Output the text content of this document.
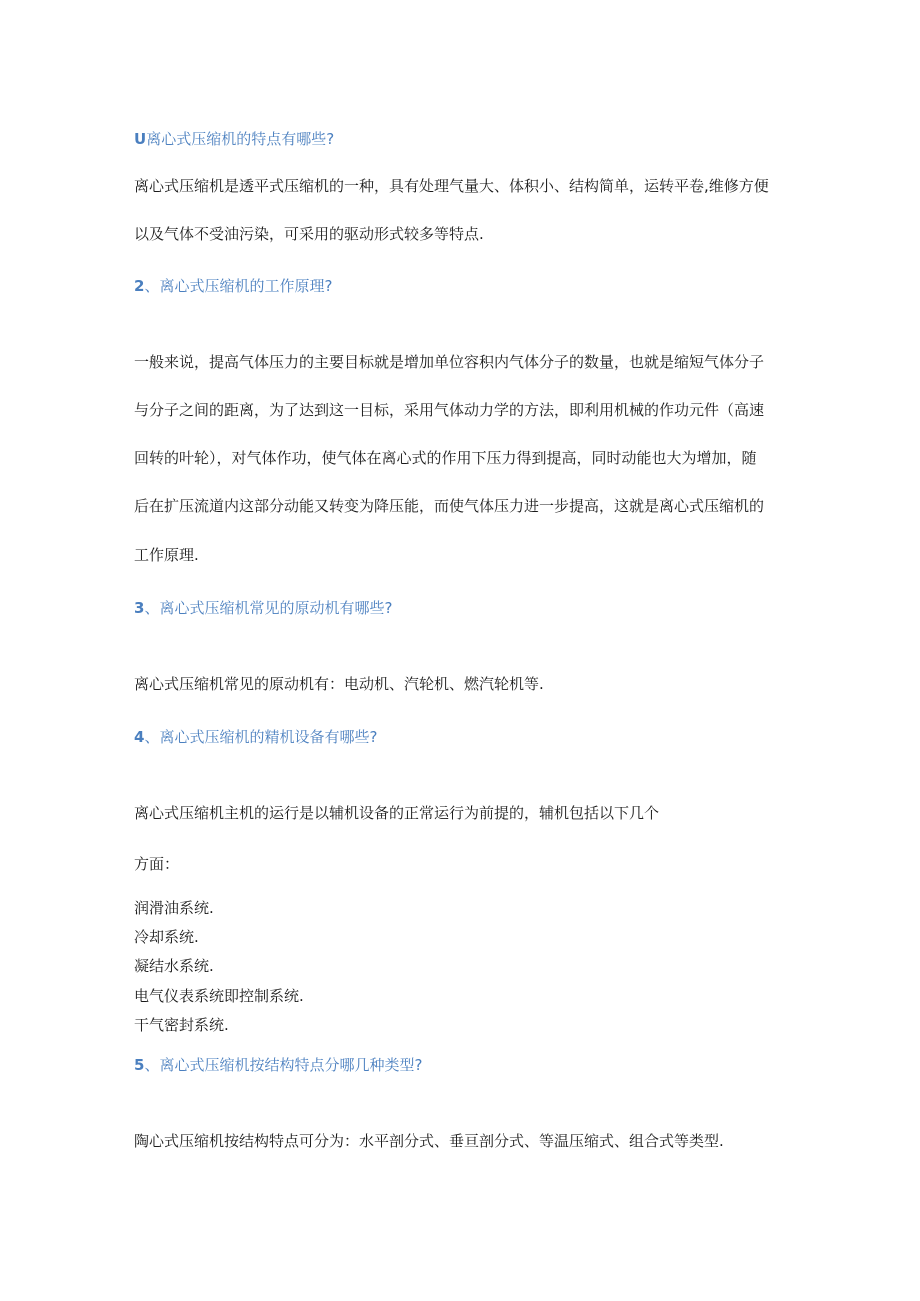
U离心式压缩机的特点有哪些?
离心式压缩机是透平式压缩机的一种，具有处理气量大、体积小、结构简单，运转平卷,维修方便
以及气体不受油污染，可采用的驱动形式较多等特点.
2、离心式压缩机的工作原理?
一般来说，提高气体压力的主要目标就是增加单位容积内气体分子的数量，也就是缩短气体分子
与分子之间的距离，为了达到这一目标，采用气体动力学的方法，即利用机械的作功元件（高速
回转的叶轮），对气体作功，使气体在离心式的作用下压力得到提高，同时动能也大为增加，随
后在扩压流道内这部分动能又转变为降压能，而使气体压力进一步提高，这就是离心式压缩机的
工作原理.
3、离心式压缩机常见的原动机有哪些?
离心式压缩机常见的原动机有：电动机、汽轮机、燃汽轮机等.
4、离心式压缩机的精机设备有哪些?
离心式压缩机主机的运行是以辅机设备的正常运行为前提的，辅机包括以下几个
方面：
润滑油系统.
冷却系统.
凝结水系统.
电气仪表系统即控制系统.
干气密封系统.
5、离心式压缩机按结构特点分哪几种类型?
陶心式压缩机按结构特点可分为：水平剖分式、垂亘剖分式、等温压缩式、组合式等类型.
